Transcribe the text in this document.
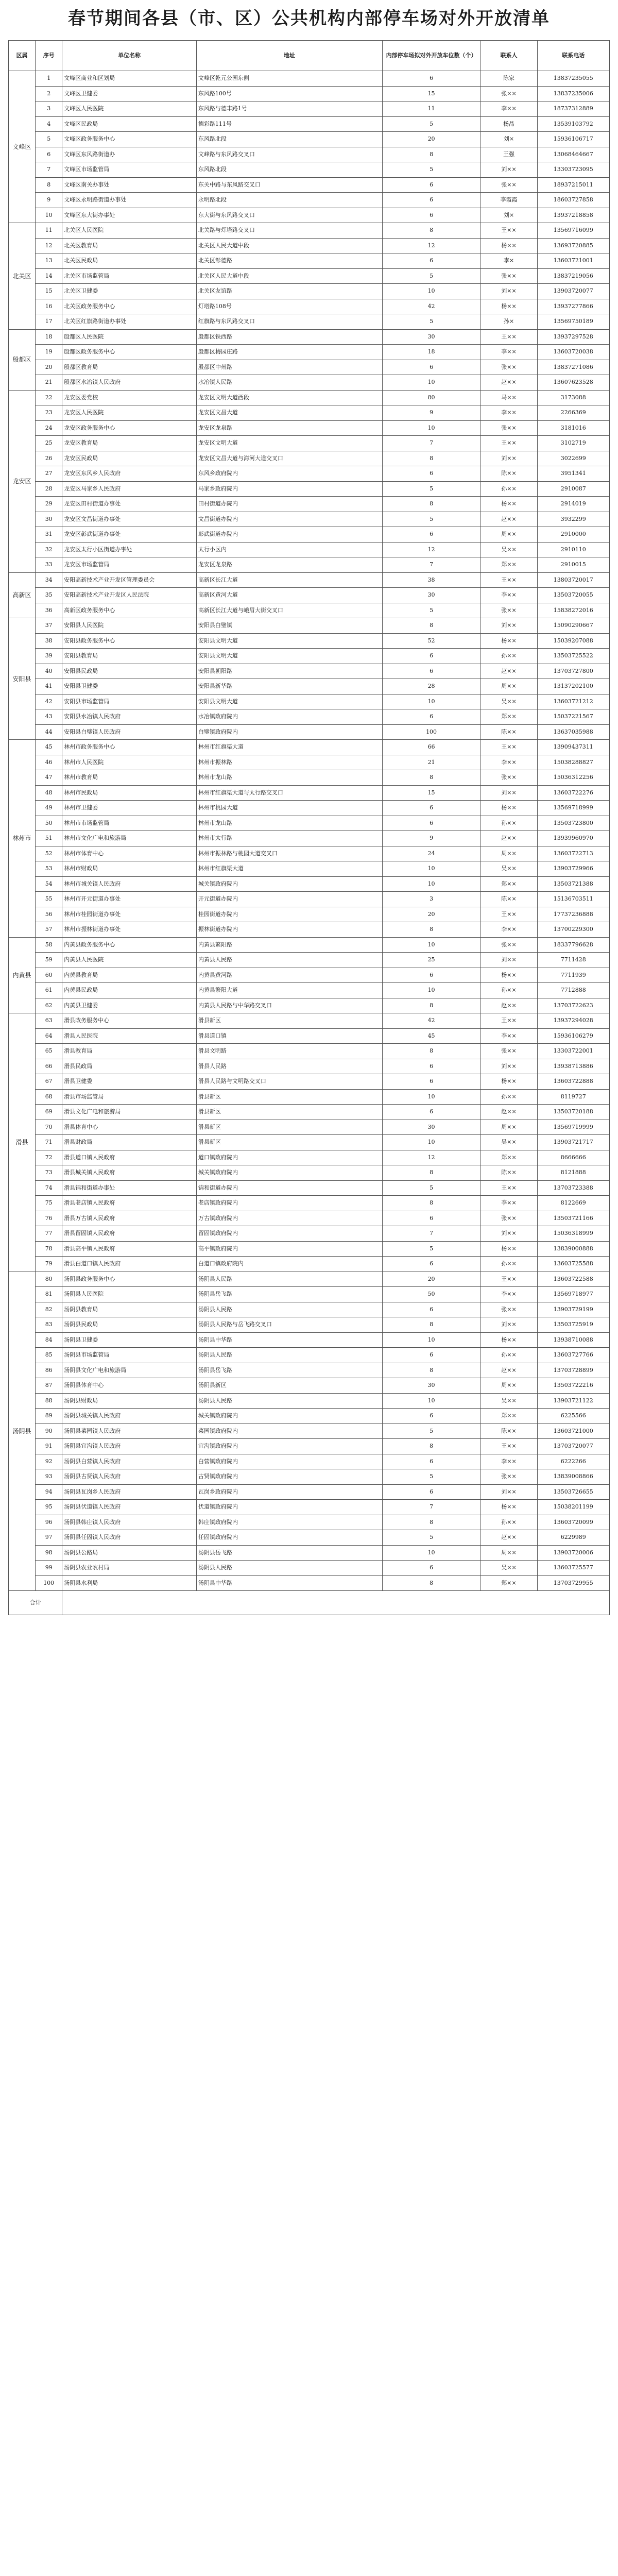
春节期间各县（市、区）公共机构内部停车场对外开放清单
区属	序号	单位名称	地址	内部停车场拟对外开放车位数（个）	联系人	联系电话
文峰区	1	文峰区商业和区划局	文峰区乾元公园东侧	6	陈家	13837235055
	2	文峰区卫健委	东风路100号	15	张××	13837235006
	3	文峰区人民医院	东风路与德丰路1号	11	李××	18737312889
	4	文峰区民政局	德彩路111号	5	杨晶	13539103792
	5	文峰区政务服务中心	东风路北段	20	刘×	15936106717
	6	文峰区东风路街道办	文峰路与东风路交叉口	8	王强	13068464667
	7	文峰区市场监管局	东风路北段	5	刘××	13303723095
	8	文峰区南关办事处	东关中路与东风路交叉口	6	张××	18937215011
	9	文峰区永明路街道办事处	永明路北段	6	李霞霞	18603727858
	10	文峰区东大街办事处	东大街与东风路交叉口	6	刘×	13937218858
北关区	11	北关区人民医院	北关路与灯塔路交叉口	8	王××	13569716099
	12	北关区教育局	北关区人民大道中段	12	杨××	13693720885
	13	北关区民政局	北关区彰德路	6	李×	13603721001
	14	北关区市场监管局	北关区人民大道中段	5	张××	13837219056
	15	北关区卫健委	北关区友谊路	10	刘××	13903720077
	16	北关区政务服务中心	灯塔路108号	42	杨××	13937277866
	17	北关区红旗路街道办事处	红旗路与东风路交叉口	5	孙×	13569750189
殷都区	18	殷都区人民医院	殷都区铁西路	30	王××	13937297528
	19	殷都区政务服务中心	殷都区梅园庄路	18	李××	13603720038
	20	殷都区教育局	殷都区中州路	6	张××	13837271086
	21	殷都区水冶镇人民政府	水冶镇人民路	10	赵××	13607623528
龙安区	22	龙安区委党校	龙安区文明大道西段	80	马××	3173088
	23	龙安区人民医院	龙安区文昌大道	9	李××	2266369
	24	龙安区政务服务中心	龙安区龙泉路	10	张××	3181016
	25	龙安区教育局	龙安区文明大道	7	王××	3102719
	26	龙安区民政局	龙安区文昌大道与海河大道交叉口	8	刘××	3022699
	27	龙安区东风乡人民政府	东风乡政府院内	6	陈××	3951341
	28	龙安区马家乡人民政府	马家乡政府院内	5	孙××	2910087
	29	龙安区田村街道办事处	田村街道办院内	8	杨××	2914019
	30	龙安区文昌街道办事处	文昌街道办院内	5	赵××	3932299
	31	龙安区彰武街道办事处	彰武街道办院内	6	周××	2910000
	32	龙安区太行小区街道办事处	太行小区内	12	吴××	2910110
	33	龙安区市场监管局	龙安区龙泉路	7	郑××	2910015
高新区	34	安阳高新技术产业开发区管理委员会	高新区长江大道	38	王××	13803720017
	35	安阳高新技术产业开发区人民法院	高新区黄河大道	30	李××	13503720055
	36	高新区政务服务中心	高新区长江大道与峨眉大街交叉口	5	张××	15838272016
安阳县	37	安阳县人民医院	安阳县白璧镇	8	刘××	15090290667
	38	安阳县政务服务中心	安阳县文明大道	52	杨××	15039207088
	39	安阳县教育局	安阳县文明大道	6	孙××	13503725522
	40	安阳县民政局	安阳县朝阳路	6	赵××	13703727800
	41	安阳县卫健委	安阳县新华路	28	周××	13137202100
	42	安阳县市场监管局	安阳县文明大道	10	吴××	13603721212
	43	安阳县水冶镇人民政府	水冶镇政府院内	6	郑××	15037221567
	44	安阳县白璧镇人民政府	白璧镇政府院内	100	陈××	13637035988
林州市	45	林州市政务服务中心	林州市红旗渠大道	66	王××	13909437311
	46	林州市人民医院	林州市振林路	21	李××	15038288827
	47	林州市教育局	林州市龙山路	8	张××	15036312256
	48	林州市民政局	林州市红旗渠大道与太行路交叉口	15	刘××	13603722276
	49	林州市卫健委	林州市桃园大道	6	杨××	13569718999
	50	林州市市场监管局	林州市龙山路	6	孙××	13503723800
	51	林州市文化广电和旅游局	林州市太行路	9	赵××	13939960970
	52	林州市体育中心	林州市振林路与桃园大道交叉口	24	周××	13603722713
	53	林州市财政局	林州市红旗渠大道	10	吴××	13903729966
	54	林州市城关镇人民政府	城关镇政府院内	10	郑××	13503721388
	55	林州市开元街道办事处	开元街道办院内	3	陈××	15136703511
	56	林州市桂园街道办事处	桂园街道办院内	20	王××	17737236888
	57	林州市振林街道办事处	振林街道办院内	8	李××	13700229300
内黄县	58	内黄县政务服务中心	内黄县繁阳路	10	张××	18337796628
	59	内黄县人民医院	内黄县人民路	25	刘××	7711428
	60	内黄县教育局	内黄县黄河路	6	杨××	7711939
	61	内黄县民政局	内黄县繁阳大道	10	孙××	7712888
	62	内黄县卫健委	内黄县人民路与中华路交叉口	8	赵××	13703722623
滑县	63	滑县政务服务中心	滑县新区	42	王××	13937294028
	64	滑县人民医院	滑县道口镇	45	李××	15936106279
	65	滑县教育局	滑县文明路	8	张××	13303722001
	66	滑县民政局	滑县人民路	6	刘××	13938713886
	67	滑县卫健委	滑县人民路与文明路交叉口	6	杨××	13603722888
	68	滑县市场监管局	滑县新区	10	孙××	8119727
	69	滑县文化广电和旅游局	滑县新区	6	赵××	13503720188
	70	滑县体育中心	滑县新区	30	周××	13569719999
	71	滑县财政局	滑县新区	10	吴××	13903721717
	72	滑县道口镇人民政府	道口镇政府院内	12	郑××	8666666
	73	滑县城关镇人民政府	城关镇政府院内	8	陈××	8121888
	74	滑县锦和街道办事处	锦和街道办院内	5	王××	13703723388
	75	滑县老店镇人民政府	老店镇政府院内	8	李××	8122669
	76	滑县万古镇人民政府	万古镇政府院内	6	张××	13503721166
	77	滑县留固镇人民政府	留固镇政府院内	7	刘××	15036318999
	78	滑县高平镇人民政府	高平镇政府院内	5	杨××	13839000888
	79	滑县白道口镇人民政府	白道口镇政府院内	6	孙××	13603725588
汤阴县	80	汤阴县政务服务中心	汤阴县人民路	20	王××	13603722588
	81	汤阴县人民医院	汤阴县岳飞路	50	李××	13569718977
	82	汤阴县教育局	汤阴县人民路	6	张××	13903729199
	83	汤阴县民政局	汤阴县人民路与岳飞路交叉口	8	刘××	13503725919
	84	汤阴县卫健委	汤阴县中华路	10	杨××	13938710088
	85	汤阴县市场监管局	汤阴县人民路	6	孙××	13603727766
	86	汤阴县文化广电和旅游局	汤阴县岳飞路	8	赵××	13703728899
	87	汤阴县体育中心	汤阴县新区	30	周××	13503722216
	88	汤阴县财政局	汤阴县人民路	10	吴××	13903721122
	89	汤阴县城关镇人民政府	城关镇政府院内	6	郑××	6225566
	90	汤阴县菜园镇人民政府	菜园镇政府院内	5	陈××	13603721000
	91	汤阴县宜沟镇人民政府	宜沟镇政府院内	8	王××	13703720077
	92	汤阴县白营镇人民政府	白营镇政府院内	6	李××	6222266
	93	汤阴县古贤镇人民政府	古贤镇政府院内	5	张××	13839008866
	94	汤阴县瓦岗乡人民政府	瓦岗乡政府院内	6	刘××	13503726655
	95	汤阴县伏道镇人民政府	伏道镇政府院内	7	杨××	15038201199
	96	汤阴县韩庄镇人民政府	韩庄镇政府院内	8	孙××	13603720099
	97	汤阴县任固镇人民政府	任固镇政府院内	5	赵××	6229989
	98	汤阴县公路局	汤阴县岳飞路	10	周××	13903720006
	99	汤阴县农业农村局	汤阴县人民路	6	吴××	13603725577
	100	汤阴县水利局	汤阴县中华路	8	郑××	13703729955
合计						
